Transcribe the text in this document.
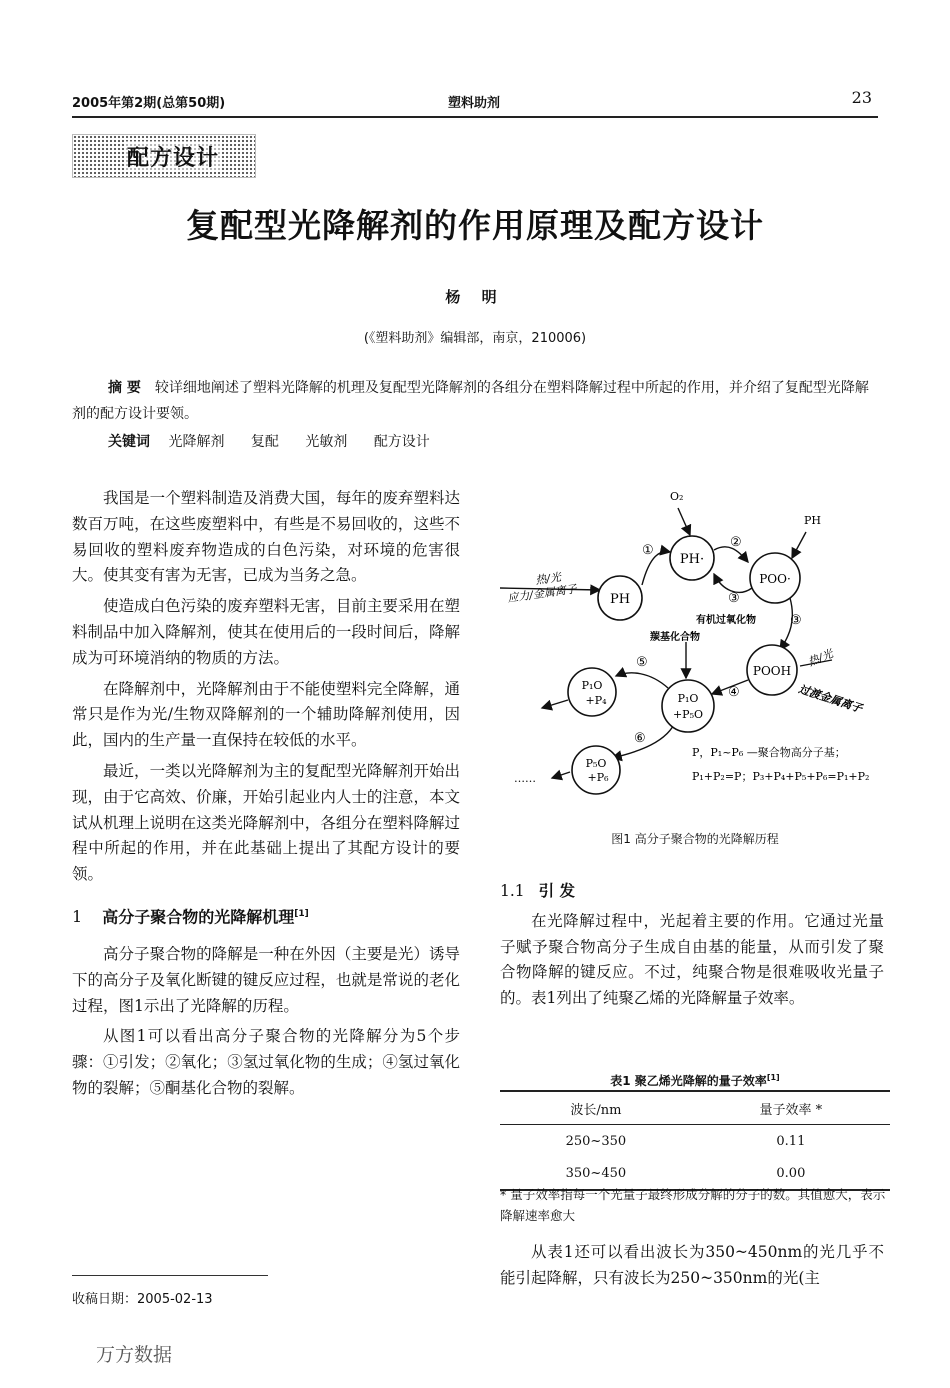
2005年第2期(总第50期)	塑料助剂	23
配方设计
复配型光降解剂的作用原理及配方设计
杨 明
(《塑料助剂》编辑部，南京，210006)
摘 要 较详细地阐述了塑料光降解的机理及复配型光降解剂的各组分在塑料降解过程中所起的作用，并介绍了复配型光降解剂的配方设计要领。
关键词 光降解剂 复配 光敏剂 配方设计

我国是一个塑料制造及消费大国，每年的废弃塑料达数百万吨，在这些废塑料中，有些是不易回收的，这些不易回收的塑料废弃物造成的白色污染，对环境的危害很大。使其变有害为无害，已成为当务之急。

使造成白色污染的废弃塑料无害，目前主要采用在塑料制品中加入降解剂，使其在使用后的一段时间后，降解成为可环境消纳的物质的方法。

在降解剂中，光降解剂由于不能使塑料完全降解，通常只是作为光/生物双降解剂的一个辅助降解剂使用，因此，国内的生产量一直保持在较低的水平。

最近，一类以光降解剂为主的复配型光降解剂开始出现，由于它高效、价廉，开始引起业内人士的注意，本文试从机理上说明在这类光降解剂中，各组分在塑料降解过程中所起的作用，并在此基础上提出了其配方设计的要领。

1 高分子聚合物的光降解机理[1]

高分子聚合物的降解是一种在外因（主要是光）诱导下的高分子及氧化断键的键反应过程，也就是常说的老化过程，图1示出了光降解的历程。

从图1可以看出高分子聚合物的光降解分为5个步骤：①引发；②氧化；③氢过氧化物的生成；④氢过氧化物的裂解；⑤酮基化合物的裂解。

PH·
POO·
PH
POOH
P₁O
+P₅O
P₁O
+P₄
P₅O
+P₆
O₂
PH
热/光
应力/金属离子
①
②
③
③
有机过氧化物
羰基化合物
④
⑤
⑥
热/光
过渡金属离子
……
P，P₁~P₆ —聚合物高分子基；
P₁+P₂=P；P₃+P₄+P₅+P₆=P₁+P₂
图1 高分子聚合物的光降解历程
1.1 引 发

在光降解过程中，光起着主要的作用。它通过光量子赋予聚合物高分子生成自由基的能量，从而引发了聚合物降解的键反应。不过，纯聚合物是很难吸收光量子的。表1列出了纯聚乙烯的光降解量子效率。

表1 聚乙烯光降解的量子效率[1]
波长/nm	量子效率 *
250~350	0.11
350~450	0.00
* 量子效率指每一个光量子最终形成分解的分子的数。其值愈大，表示降解速率愈大

从表1还可以看出波长为350~450nm的光几乎不能引起降解，只有波长为250~350nm的光(主

收稿日期：2005-02-13
万方数据
